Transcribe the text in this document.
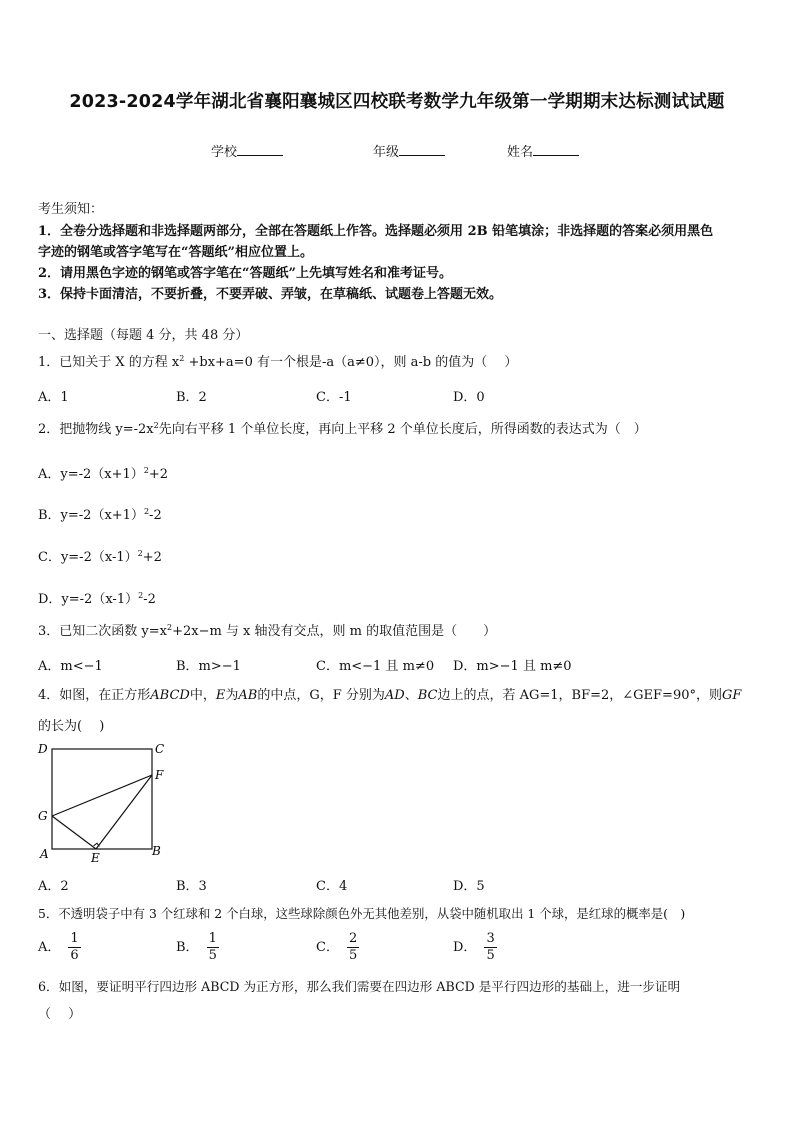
2023-2024学年湖北省襄阳襄城区四校联考数学九年级第一学期期末达标测试试题
学校	年级	姓名
考生须知：
1．全卷分选择题和非选择题两部分，全部在答题纸上作答。选择题必须用 2B 铅笔填涂；非选择题的答案必须用黑色
字迹的钢笔或答字笔写在“答题纸”相应位置上。
2．请用黑色字迹的钢笔或答字笔在“答题纸”上先填写姓名和准考证号。
3．保持卡面清洁，不要折叠，不要弄破、弄皱，在草稿纸、试题卷上答题无效。
一、选择题（每题 4 分，共 48 分）
1．已知关于 X 的方程 $x^2 +bx+a=0$ 有一个根是-a（a≠0），则 a-b 的值为（　 ）
A．1	B．2	C．-1	D．0
2．把抛物线 $y=-2x^2$先向右平移 1 个单位长度，再向上平移 2 个单位长度后，所得函数的表达式为（　）
A．$y=-2(x+1)^2+2$
B．$y=-2(x+1)^2-2$
C．$y=-2(x-1)^2+2$
D．$y=-2(x-1)^2-2$
3．已知二次函数 $y=x^2+2x-m$ 与 x 轴没有交点，则 m 的取值范围是（　　）
A．m<−1	B．m>−1	C．m<−1 且 m≠0 D．m>−1 且 m≠0
4．如图，在正方形ABCD中，E为AB的中点，G，F 分别为AD、BC边上的点，若 AG=1，BF=2，∠GEF=90°，则GF
的长为(　 )
D	C
F
G
A	E	B
A．2	B．3	C．4	D．5
5．不透明袋子中有 3 个红球和 2 个白球，这些球除颜色外无其他差别，从袋中随机取出 1 个球，是红球的概率是(　)
A． $\frac{1}{6}$	B． $\frac{1}{5}$	C． $\frac{2}{5}$	D． $\frac{3}{5}$
6．如图，要证明平行四边形 ABCD 为正方形，那么我们需要在四边形 ABCD 是平行四边形的基础上，进一步证明
（　 ）
